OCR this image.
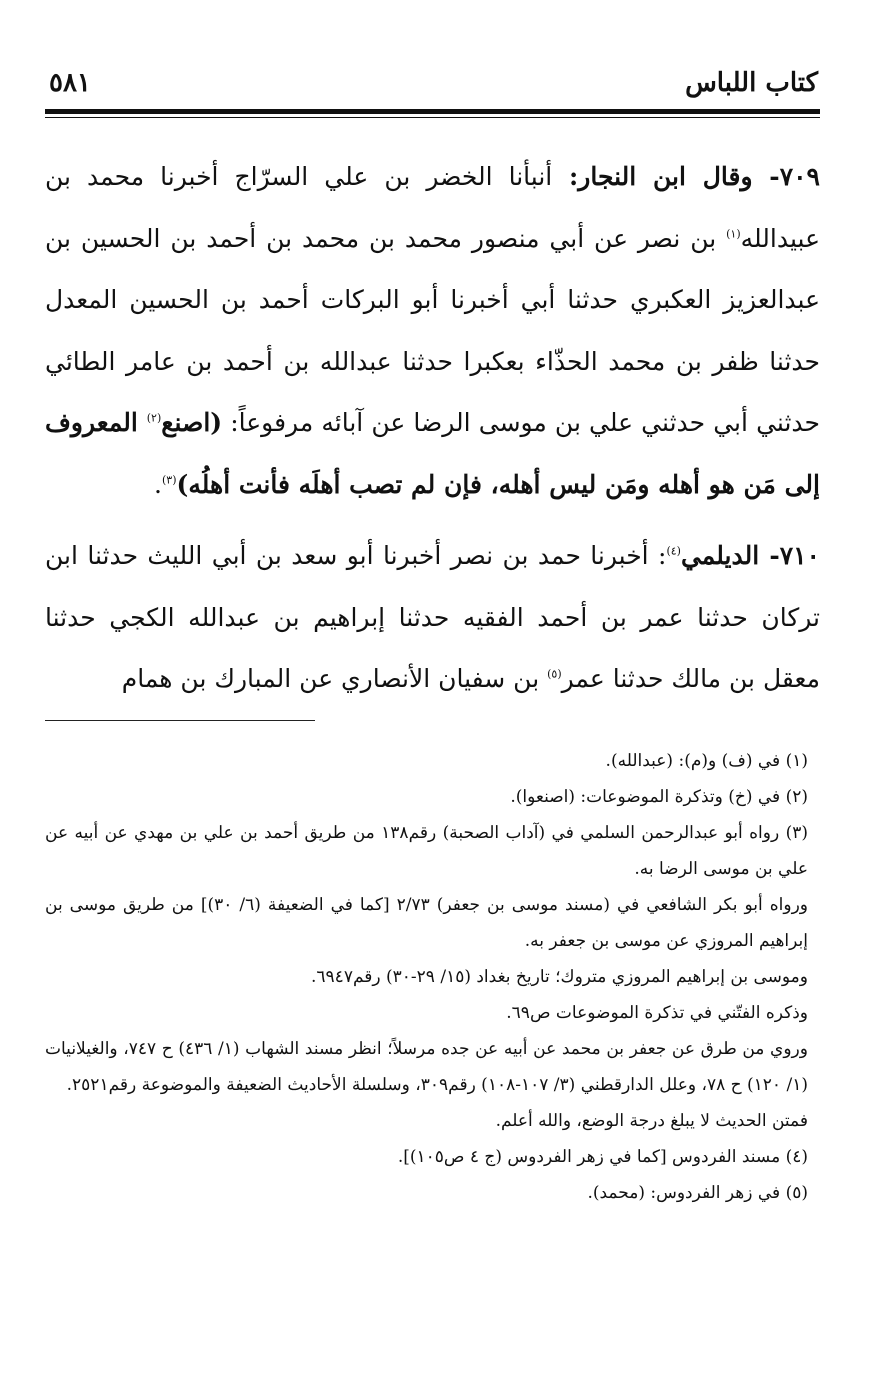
كتاب اللباس
٥٨١

٧٠٩- وقال ابن النجار: أنبأنا الخضر بن علي السرّاج أخبرنا محمد بن عبيدالله$^{(١)}$ بن نصر عن أبي منصور محمد بن محمد بن أحمد بن الحسين بن عبدالعزيز العكبري حدثنا أبي أخبرنا أبو البركات أحمد بن الحسين المعدل حدثنا ظفر بن محمد الحذّاء بعكبرا حدثنا عبدالله بن أحمد بن عامر الطائي حدثني أبي حدثني علي بن موسى الرضا عن آبائه مرفوعاً: (اصنع$^{(٢)}$ المعروف إلى مَن هو أهله ومَن ليس أهله، فإن لم تصب أهلَه فأنت أهلُه)$^{(٣)}$.

٧١٠- الديلمي$^{(٤)}$: أخبرنا حمد بن نصر أخبرنا أبو سعد بن أبي الليث حدثنا ابن تركان حدثنا عمر بن أحمد الفقيه حدثنا إبراهيم بن عبدالله الكجي حدثنا معقل بن مالك حدثنا عمر$^{(٥)}$ بن سفيان الأنصاري عن المبارك بن همام

(١) في (ف) و(م): (عبدالله).

(٢) في (خ) وتذكرة الموضوعات: (اصنعوا).

(٣) رواه أبو عبدالرحمن السلمي في (آداب الصحبة) رقم١٣٨ من طريق أحمد بن علي بن مهدي عن أبيه عن علي بن موسى الرضا به.

ورواه أبو بكر الشافعي في (مسند موسى بن جعفر) ٢/٧٣ [كما في الضعيفة (٦/ ٣٠)] من طريق موسى بن إبراهيم المروزي عن موسى بن جعفر به.

وموسى بن إبراهيم المروزي متروك؛ تاريخ بغداد (١٥/ ٢٩-٣٠) رقم٦٩٤٧.

وذكره الفتّني في تذكرة الموضوعات ص٦٩.

وروي من طرق عن جعفر بن محمد عن أبيه عن جده مرسلاً؛ انظر مسند الشهاب (١/ ٤٣٦) ح ٧٤٧، والغيلانيات (١/ ١٢٠) ح ٧٨، وعلل الدارقطني (٣/ ١٠٧-١٠٨) رقم٣٠٩، وسلسلة الأحاديث الضعيفة والموضوعة رقم٢٥٢١.

فمتن الحديث لا يبلغ درجة الوضع، والله أعلم.

(٤) مسند الفردوس [كما في زهر الفردوس (ج ٤ ص١٠٥)].

(٥) في زهر الفردوس: (محمد).
